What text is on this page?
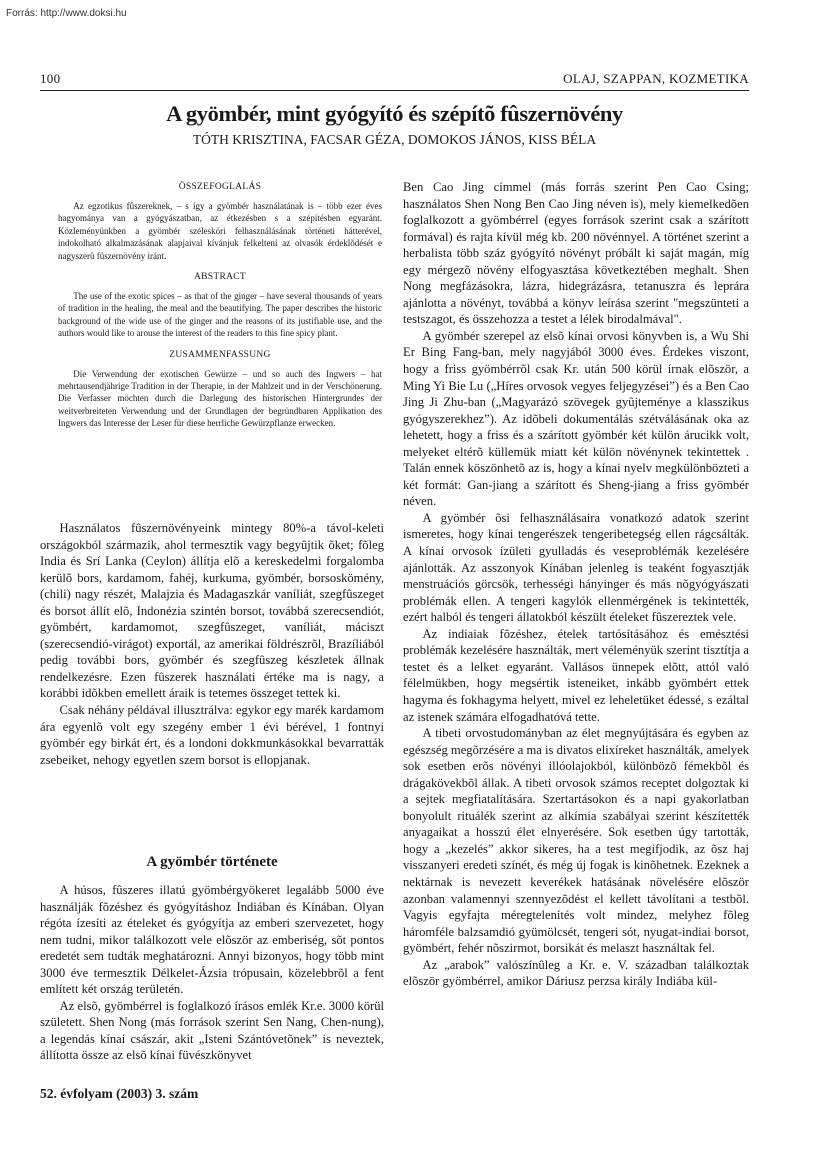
Forrás: http://www.doksi.hu
100	OLAJ, SZAPPAN, KOZMETIKA
A gyömbér, mint gyógyító és szépítõ fûszernövény
TÓTH KRISZTINA, FACSAR GÉZA, DOMOKOS JÁNOS, KISS BÉLA
ÖSSZEFOGLALÁS

Az egzotikus fûszereknek, – s így a gyömbér használatának is – több ezer éves hagyománya van a gyógyászatban, az étkezésben s a szépítésben egyaránt. Közleményünkben a gyömbér szélesköri felhasználásának történeti hátterével, indokolható alkalmazásának alapjaival kívánjuk felkelteni az olvasók érdeklõdését e nagyszerû fûszernövény iránt.

ABSTRACT

The use of the exotic spices – as that of the ginger – have several thousands of years of tradition in the healing, the meal and the beautifying. The paper describes the historic background of the wide use of the ginger and the reasons of its justifiable use, and the authors would like to arouse the interest of the readers to this fine spicy plant.

ZUSAMMENFASSUNG

Die Verwendung der exotischen Gewürze – und so auch des Ingwers – hat mehrtausendjährige Tradition in der Therapie, in der Mahlzeit und in der Verschönerung. Die Verfasser möchten durch die Darlegung des historischen Hintergrundes der weitverbreiteten Verwendung und der Grundlagen der begründbaren Applikation des Ingwers das Interesse der Leser für diese herrliche Gewürzpflanze erwecken.

Használatos fûszernövényeink mintegy 80%-a távol-keleti országokból származik, ahol termesztik vagy begyûjtik õket; fõleg India és Srí Lanka (Ceylon) állítja elõ a kereskedelmi forgalomba kerülõ bors, kardamom, fahéj, kurkuma, gyömbér, borsoskömény, (chili) nagy részét, Malajzia és Madagaszkár vaníliát, szegfûszeget és borsot állít elõ, Indonézia szintén borsot, továbbá szerecsendiót, gyömbért, kardamomot, szegfûszeget, vaníliát, máciszt (szerecsendió-virágot) exportál, az amerikai földrészrõl, Brazíliából pedig további bors, gyömbér és szegfûszeg készletek állnak rendelkezésre. Ezen fûszerek használati értéke ma is nagy, a korábbi idõkben emellett áraik is tetemes összeget tettek ki.

Csak néhány példával illusztrálva: egykor egy marék kardamom ára egyenlõ volt egy szegény ember 1 évi bérével, 1 fontnyi gyömbér egy birkát ért, és a londoni dokkmunkásokkal bevarratták zsebeiket, nehogy egyetlen szem borsot is ellopjanak.

A gyömbér története

A húsos, fûszeres illatú gyömbérgyökeret legalább 5000 éve használják fõzéshez és gyógyításhoz Indiában és Kínában. Olyan régóta ízesíti az ételeket és gyógyítja az emberi szervezetet, hogy nem tudni, mikor találkozott vele elõször az emberiség, sõt pontos eredetét sem tudták meghatározni. Annyi bizonyos, hogy több mint 3000 éve termesztik Délkelet-Ázsia trópusain, közelebbrõl a fent említett két ország területén.

Az elsõ, gyömbérrel is foglalkozó írásos emlék Kr.e. 3000 körül született. Shen Nong (más források szerint Sen Nang, Chen-nung), a legendás kínai császár, akit „Isteni Szántóvetõnek” is neveztek, állította össze az elsõ kínai füvészkönyvet

Ben Cao Jing címmel (más forrás szerint Pen Cao Csing; használatos Shen Nong Ben Cao Jing néven is), mely kiemelkedõen foglalkozott a gyömbérrel (egyes források szerint csak a szárított formával) és rajta kívül még kb. 200 növénnyel. A történet szerint a herbalista több száz gyógyító növényt próbált ki saját magán, míg egy mérgezõ növény elfogyasztása következtében meghalt. Shen Nong megfázásokra, lázra, hidegrázásra, tetanuszra és leprára ajánlotta a növényt, továbbá a könyv leírása szerint "megszünteti a testszagot, és összehozza a testet a lélek birodalmával".

A gyömbér szerepel az elsõ kínai orvosi könyvben is, a Wu Shi Er Bing Fang-ban, mely nagyjából 3000 éves. Érdekes viszont, hogy a friss gyömbérrõl csak Kr. után 500 körül írnak elõször, a Ming Yi Bie Lu („Híres orvosok vegyes feljegyzései”) és a Ben Cao Jing Ji Zhu-ban („Magyarázó szövegek gyûjteménye a klasszikus gyógyszerekhez”). Az idõbeli dokumentálás szétválásának oka az lehetett, hogy a friss és a szárított gyömbér két külön árucikk volt, melyeket eltérõ küllemük miatt két külön növénynek tekintettek . Talán ennek köszönhetõ az is, hogy a kínai nyelv megkülönbözteti a két formát: Gan-jiang a szárított és Sheng-jiang a friss gyömbér néven.

A gyömbér õsi felhasználásaira vonatkozó adatok szerint ismeretes, hogy kínai tengerészek tengeribetegség ellen rágcsálták. A kínai orvosok ízületi gyulladás és veseproblémák kezelésére ajánlották. Az asszonyok Kínában jelenleg is teaként fogyasztják menstruációs görcsök, terhességi hányinger és más nõgyógyászati problémák ellen. A tengeri kagylók ellenmérgének is tekintették, ezért halból és tengeri állatokból készült ételeket fûszereztek vele.

Az indiaiak fõzéshez, ételek tartósításához és emésztési problémák kezelésére használták, mert véleményük szerint tisztítja a testet és a lelket egyaránt. Vallásos ünnepek elõtt, attól való félelmükben, hogy megsértik isteneiket, inkább gyömbért ettek hagyma és fokhagyma helyett, mivel ez leheletüket édessé, s ezáltal az istenek számára elfogadhatóvá tette.

A tibeti orvostudományban az élet megnyújtására és egyben az egészség megõrzésére a ma is divatos elixíreket használták, amelyek sok esetben erõs növényi illóolajokból, különbözõ fémekbõl és drágakövekbõl állak. A tibeti orvosok számos receptet dolgoztak ki a sejtek megfiatalítására. Szertartásokon és a napi gyakorlatban bonyolult rituálék szerint az alkímia szabályai szerint készítették anyagaikat a hosszú élet elnyerésére. Sok esetben úgy tartották, hogy a „kezelés” akkor sikeres, ha a test megifjodik, az õsz haj visszanyeri eredeti színét, és még új fogak is kinõhetnek. Ezeknek a nektárnak is nevezett keverékek hatásának növelésére elõször azonban valamennyi szennyezõdést el kellett távolítani a testbõl. Vagyis egyfajta méregtelenítés volt mindez, melyhez fõleg háromféle balzsamdió gyümölcsét, tengeri sót, nyugat-indiai borsot, gyömbért, fehér nõszirmot, borsikát és melaszt használtak fel.

Az „arabok” valószínûleg a Kr. e. V. században találkoztak elõször gyömbérrel, amikor Dáriusz perzsa király Indiába kül-

52. évfolyam (2003) 3. szám
